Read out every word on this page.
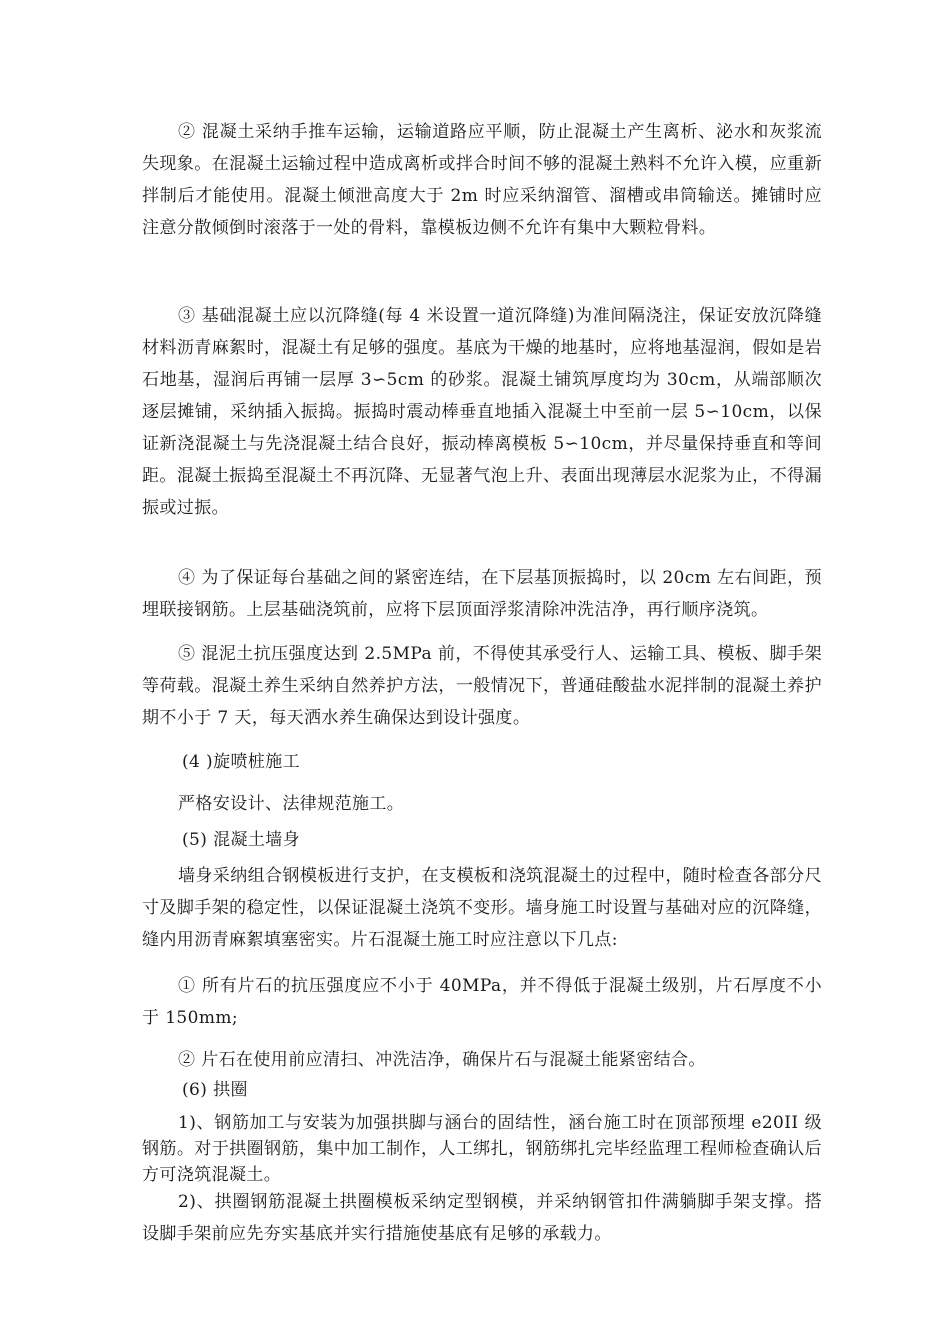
② 混凝土采纳手推车运输，运输道路应平顺，防止混凝土产生离析、泌水和灰浆流失现象。在混凝土运输过程中造成离析或拌合时间不够的混凝土熟料不允许入模，应重新拌制后才能使用。混凝土倾泄高度大于 2m 时应采纳溜管、溜槽或串筒输送。摊铺时应注意分散倾倒时滚落于一处的骨料，靠模板边侧不允许有集中大颗粒骨料。

③ 基础混凝土应以沉降缝(每 4 米设置一道沉降缝)为准间隔浇注，保证安放沉降缝材料沥青麻絮时，混凝土有足够的强度。基底为干燥的地基时，应将地基湿润，假如是岩石地基，湿润后再铺一层厚 3∽5cm 的砂浆。混凝土铺筑厚度均为 30cm，从端部顺次逐层摊铺，采纳插入振捣。振捣时震动棒垂直地插入混凝土中至前一层 5∽10cm，以保证新浇混凝土与先浇混凝土结合良好，振动棒离模板 5∽10cm，并尽量保持垂直和等间距。混凝土振捣至混凝土不再沉降、无显著气泡上升、表面出现薄层水泥浆为止，不得漏振或过振。

④ 为了保证每台基础之间的紧密连结，在下层基顶振捣时，以 20cm 左右间距，预埋联接钢筋。上层基础浇筑前，应将下层顶面浮浆清除冲洗洁净，再行顺序浇筑。

⑤ 混泥土抗压强度达到 2.5MPa 前，不得使其承受行人、运输工具、模板、脚手架等荷载。混凝土养生采纳自然养护方法，一般情况下，普通硅酸盐水泥拌制的混凝土养护期不小于 7 天，每天洒水养生确保达到设计强度。

(4 )旋喷桩施工

严格安设计、法律规范施工。

(5) 混凝土墙身

墙身采纳组合钢模板进行支护，在支模板和浇筑混凝土的过程中，随时检查各部分尺寸及脚手架的稳定性，以保证混凝土浇筑不变形。墙身施工时设置与基础对应的沉降缝，缝内用沥青麻絮填塞密实。片石混凝土施工时应注意以下几点:

① 所有片石的抗压强度应不小于 40MPa，并不得低于混凝土级别，片石厚度不小于 150mm;

② 片石在使用前应清扫、冲洗洁净，确保片石与混凝土能紧密结合。

(6) 拱圈

1)、钢筋加工与安装为加强拱脚与涵台的固结性，涵台施工时在顶部预埋 e20II 级钢筋。对于拱圈钢筋，集中加工制作，人工绑扎，钢筋绑扎完毕经监理工程师检查确认后方可浇筑混凝土。

2)、拱圈钢筋混凝土拱圈模板采纳定型钢模，并采纳钢管扣件满躺脚手架支撑。搭设脚手架前应先夯实基底并实行措施使基底有足够的承载力。
